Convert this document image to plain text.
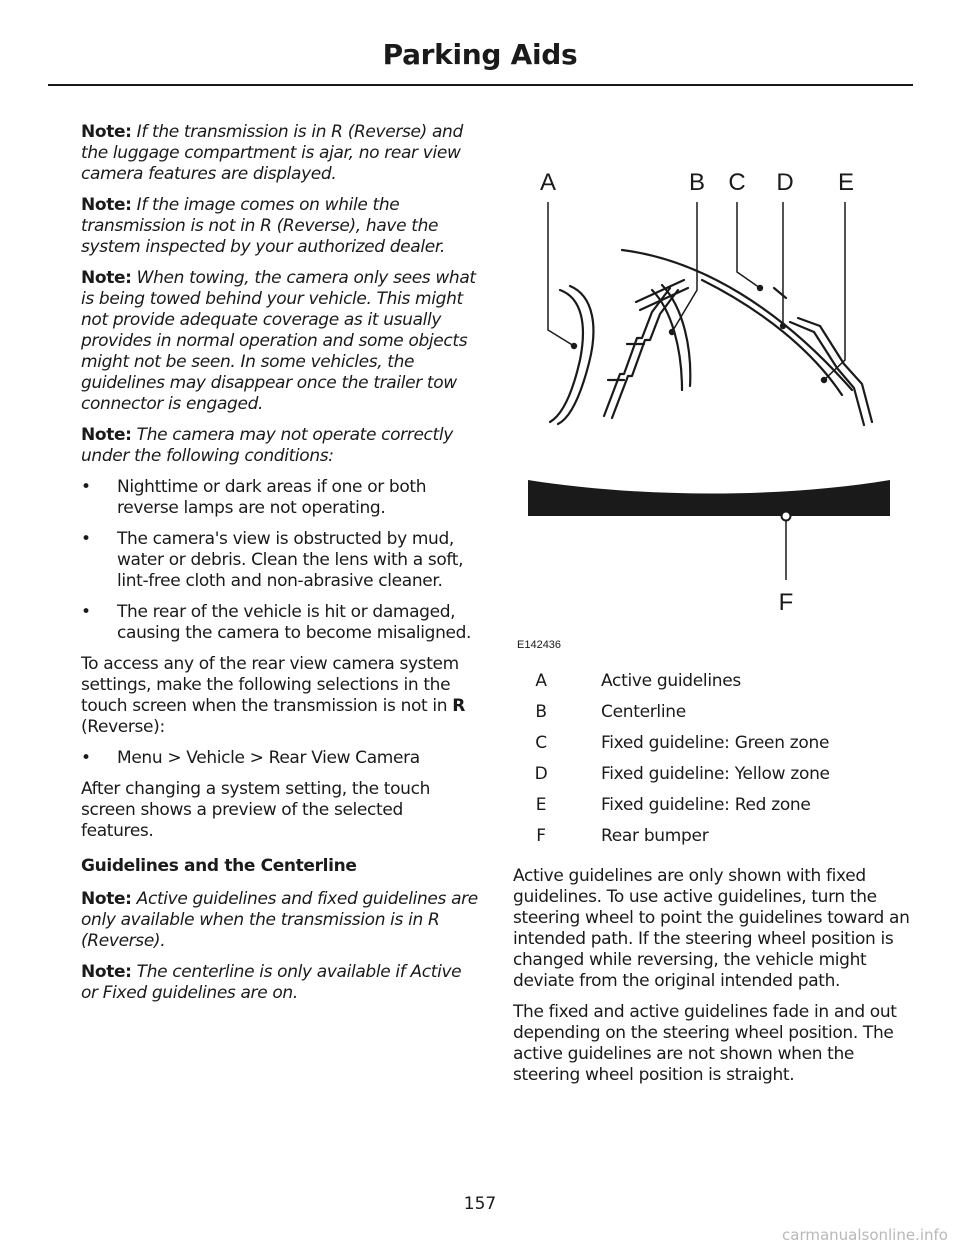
Parking Aids

Note: If the transmission is in R (Reverse) and the luggage compartment is ajar, no rear view camera features are displayed.

Note: If the image comes on while the transmission is not in R (Reverse), have the system inspected by your authorized dealer.

Note: When towing, the camera only sees what is being towed behind your vehicle. This might not provide adequate coverage as it usually provides in normal operation and some objects might not be seen. In some vehicles, the guidelines may disappear once the trailer tow connector is engaged.

Note: The camera may not operate correctly under the following conditions:

• Nighttime or dark areas if one or both reverse lamps are not operating.
• The camera's view is obstructed by mud, water or debris. Clean the lens with a soft, lint-free cloth and non-abrasive cleaner.
• The rear of the vehicle is hit or damaged, causing the camera to become misaligned.

To access any of the rear view camera system settings, make the following selections in the touch screen when the transmission is not in R (Reverse):

• Menu > Vehicle > Rear View Camera

After changing a system setting, the touch screen shows a preview of the selected features.

Guidelines and the Centerline

Note: Active guidelines and fixed guidelines are only available when the transmission is in R (Reverse).

Note: The centerline is only available if Active or Fixed guidelines are on.

A	B C D E
F
E142436
A	Active guidelines
B	Centerline
C	Fixed guideline: Green zone
D	Fixed guideline: Yellow zone
E	Fixed guideline: Red zone
F	Rear bumper

Active guidelines are only shown with fixed guidelines. To use active guidelines, turn the steering wheel to point the guidelines toward an intended path. If the steering wheel position is changed while reversing, the vehicle might deviate from the original intended path.

The fixed and active guidelines fade in and out depending on the steering wheel position. The active guidelines are not shown when the steering wheel position is straight.

157
carmanualsonline.info
